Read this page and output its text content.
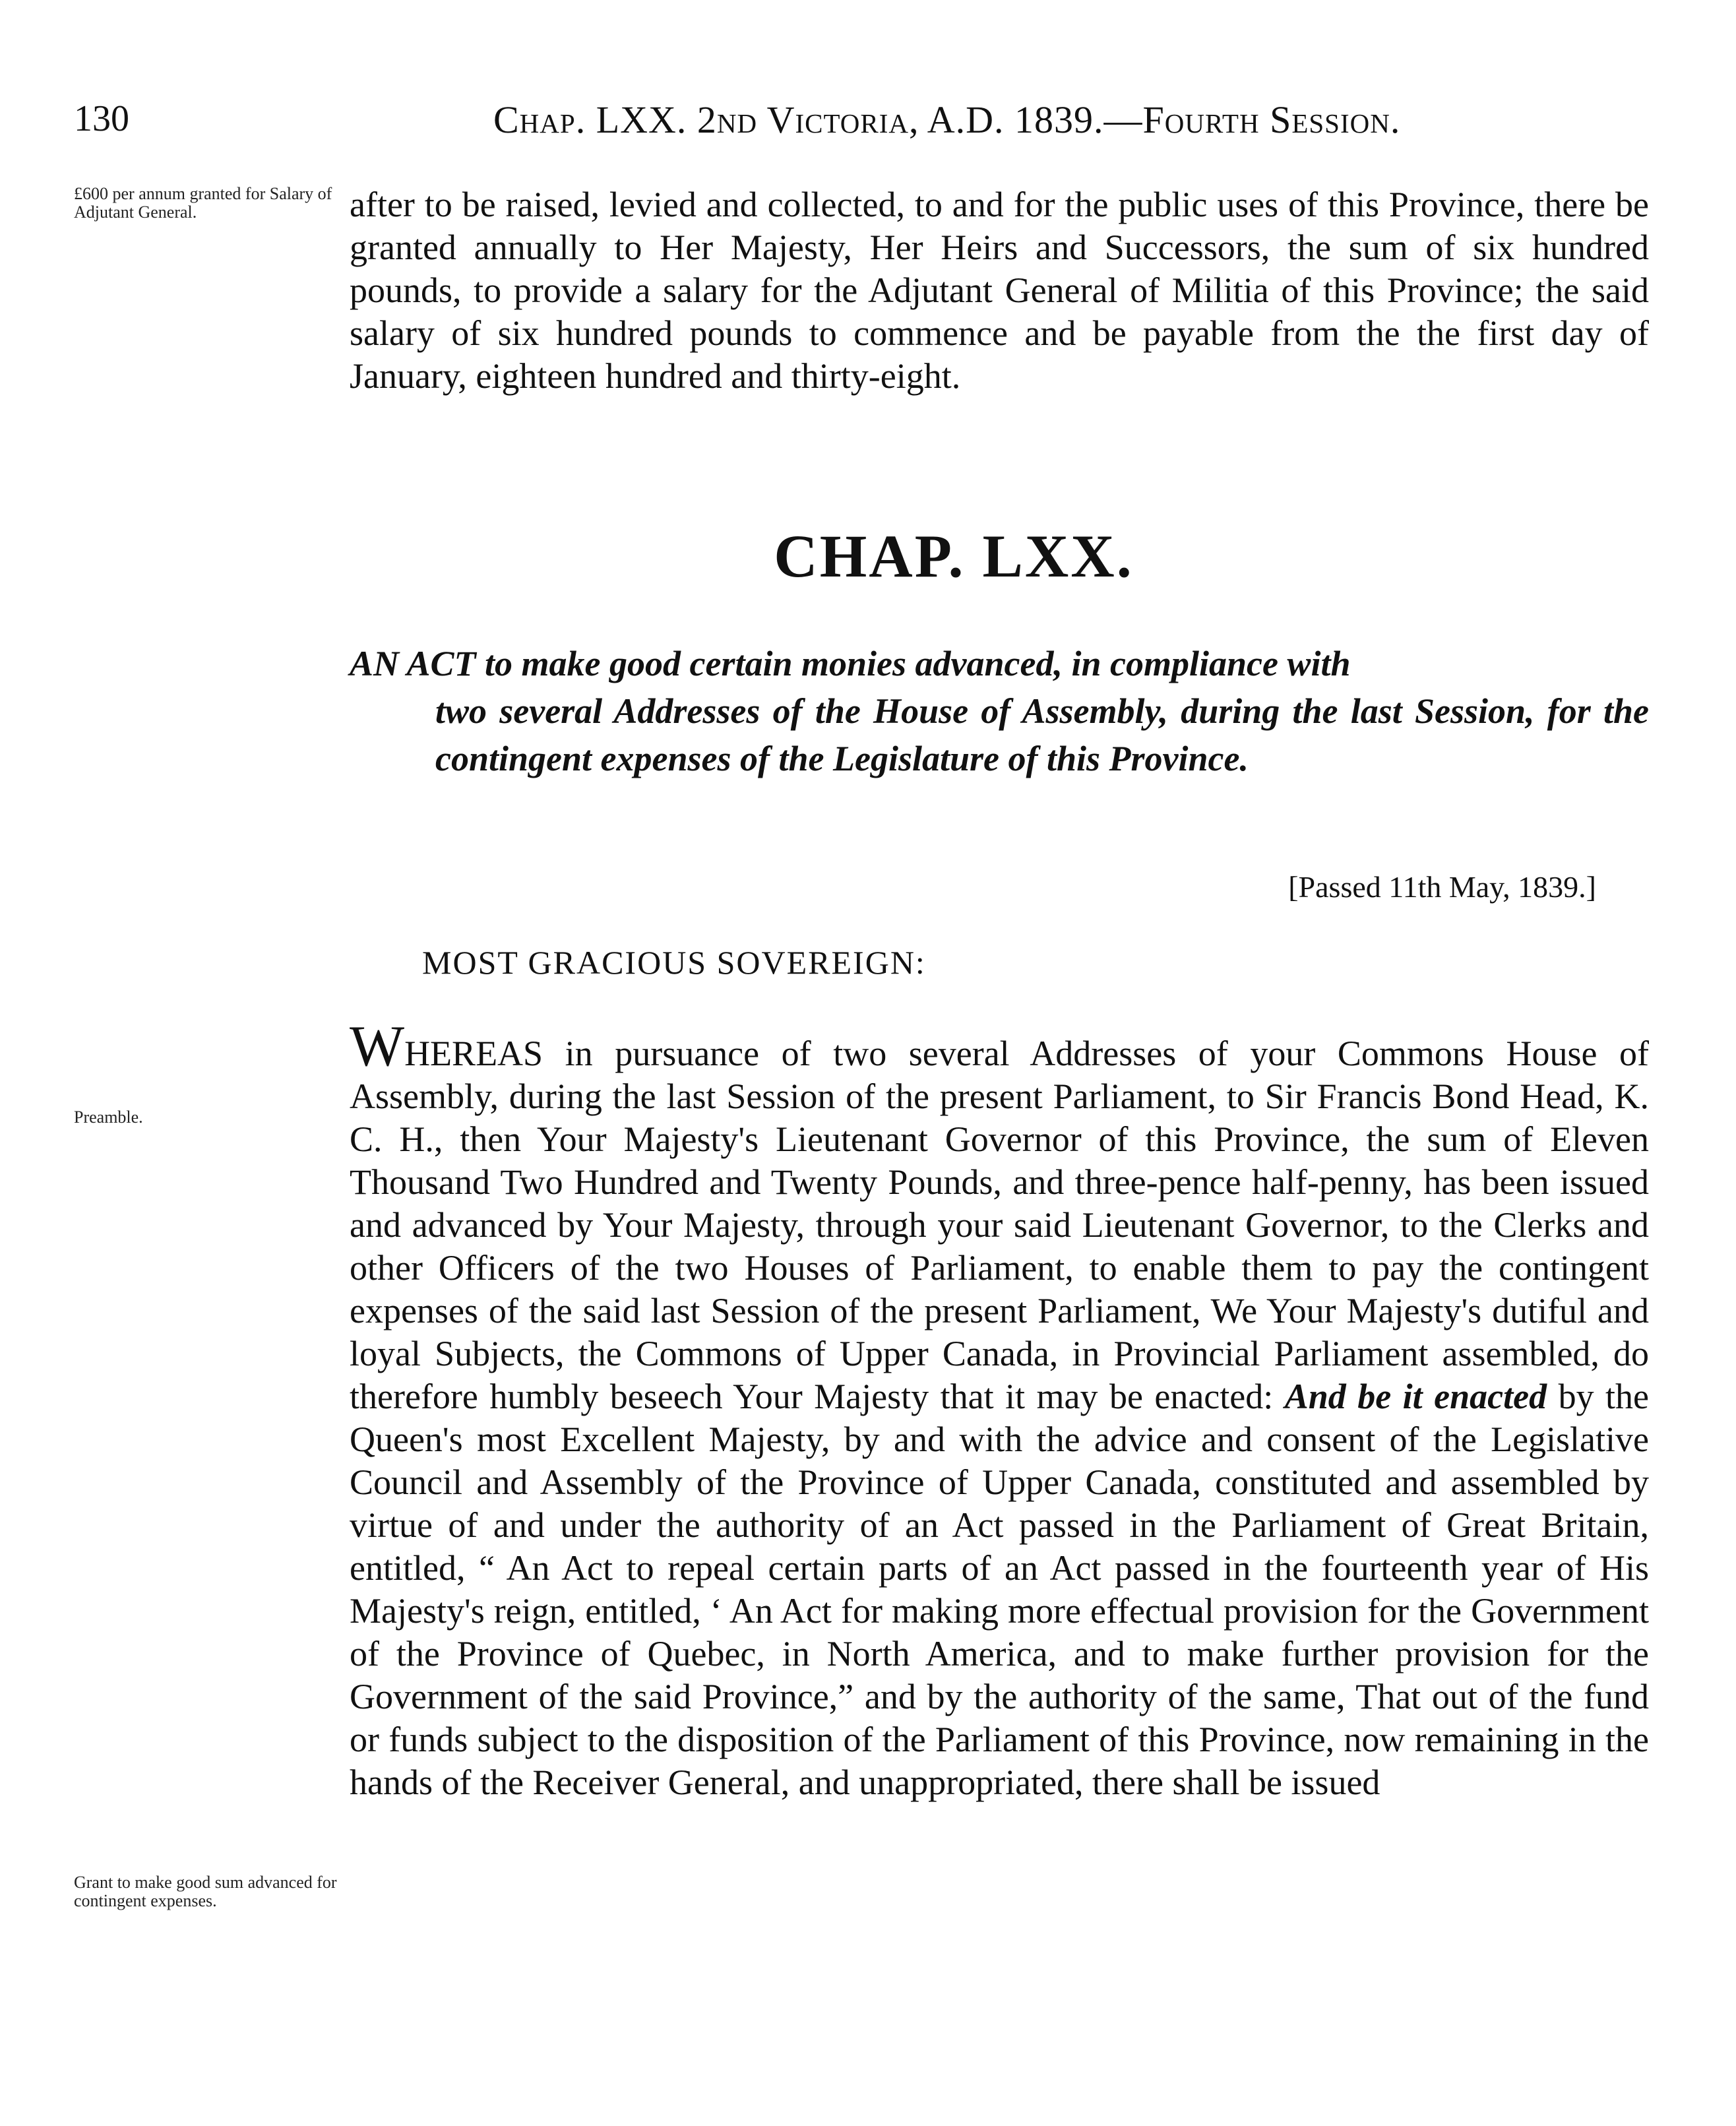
130	Chap. LXX. 2nd Victoria, A.D. 1839.—Fourth Session.
£600 per annum granted for Salary of Adjutant General.
Preamble.
Grant to make good sum advanced for contingent expenses.
after to be raised, levied and collected, to and for the public uses of this Province, there be granted annually to Her Majesty, Her Heirs and Successors, the sum of six hundred pounds, to provide a salary for the Adjutant General of Militia of this Province; the said salary of six hundred pounds to commence and be payable from the the first day of January, eighteen hundred and thirty-eight.
CHAP. LXX.
AN ACT to make good certain monies advanced, in compliance with
two several Addresses of the House of Assembly, during the last Session, for the contingent expenses of the Legislature of this Province.
[Passed 11th May, 1839.]
MOST GRACIOUS SOVEREIGN:
WHEREAS in pursuance of two several Addresses of your Commons House of Assembly, during the last Session of the present Parliament, to Sir Francis Bond Head, K. C. H., then Your Majesty's Lieutenant Governor of this Province, the sum of Eleven Thousand Two Hundred and Twenty Pounds, and three-pence half-penny, has been issued and advanced by Your Majesty, through your said Lieutenant Governor, to the Clerks and other Officers of the two Houses of Parliament, to enable them to pay the contingent expenses of the said last Session of the present Parliament, We Your Majesty's dutiful and loyal Subjects, the Commons of Upper Canada, in Provincial Parliament assembled, do therefore humbly beseech Your Majesty that it may be enacted: And be it enacted by the Queen's most Excellent Majesty, by and with the advice and consent of the Legislative Council and Assembly of the Province of Upper Canada, constituted and assembled by virtue of and under the authority of an Act passed in the Parliament of Great Britain, entitled, “ An Act to repeal certain parts of an Act passed in the fourteenth year of His Majesty's reign, entitled, ‘ An Act for making more effectual provision for the Government of the Province of Quebec, in North America, and to make further provision for the Government of the said Province,” and by the authority of the same, That out of the fund or funds subject to the disposition of the Parliament of this Province, now remaining in the hands of the Receiver General, and unappropriated, there shall be issued
